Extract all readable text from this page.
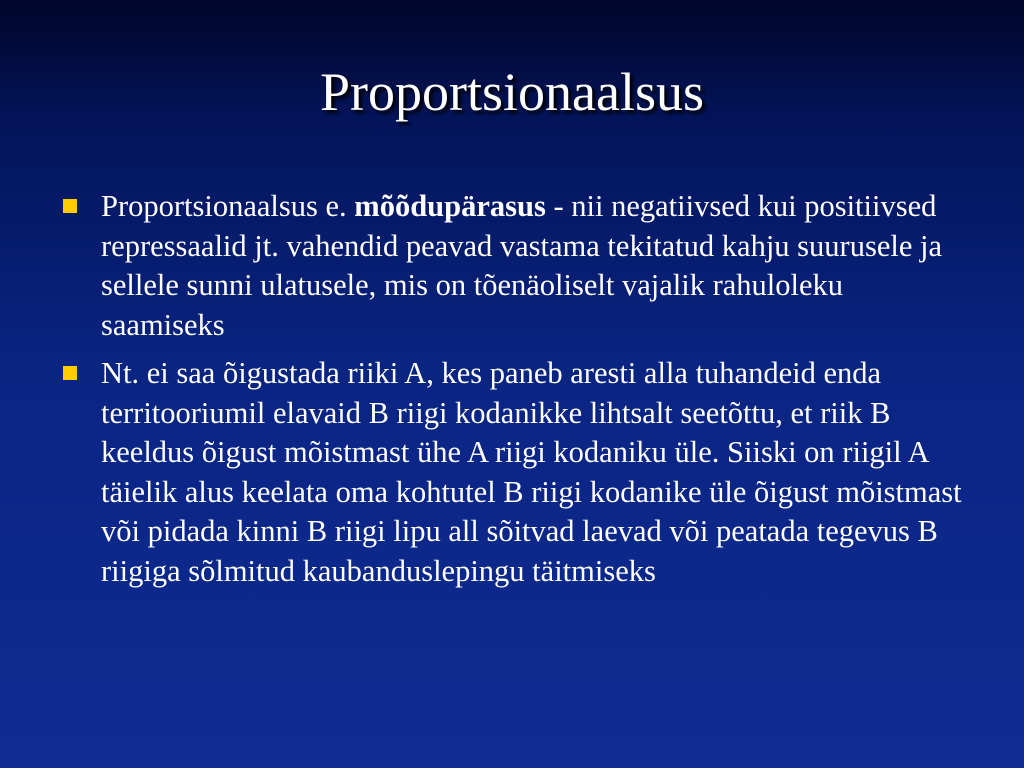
Proportsionaalsus
Proportsionaalsus e. mõõdupärasus - nii negatiivsed kui positiivsed repressaalid jt. vahendid peavad vastama tekitatud kahju suurusele ja sellele sunni ulatusele, mis on tõenäoliselt vajalik rahuloleku saamiseks
Nt. ei saa õigustada riiki A, kes paneb aresti alla tuhandeid enda territooriumil elavaid B riigi kodanikke lihtsalt seetõttu, et riik B keeldus õigust mõistmast ühe A riigi kodaniku üle. Siiski on riigil A täielik alus keelata oma kohtutel B riigi kodanike üle õigust mõistmast või pidada kinni B riigi lipu all sõitvad laevad või peatada tegevus B riigiga sõlmitud kaubanduslepingu täitmiseks
